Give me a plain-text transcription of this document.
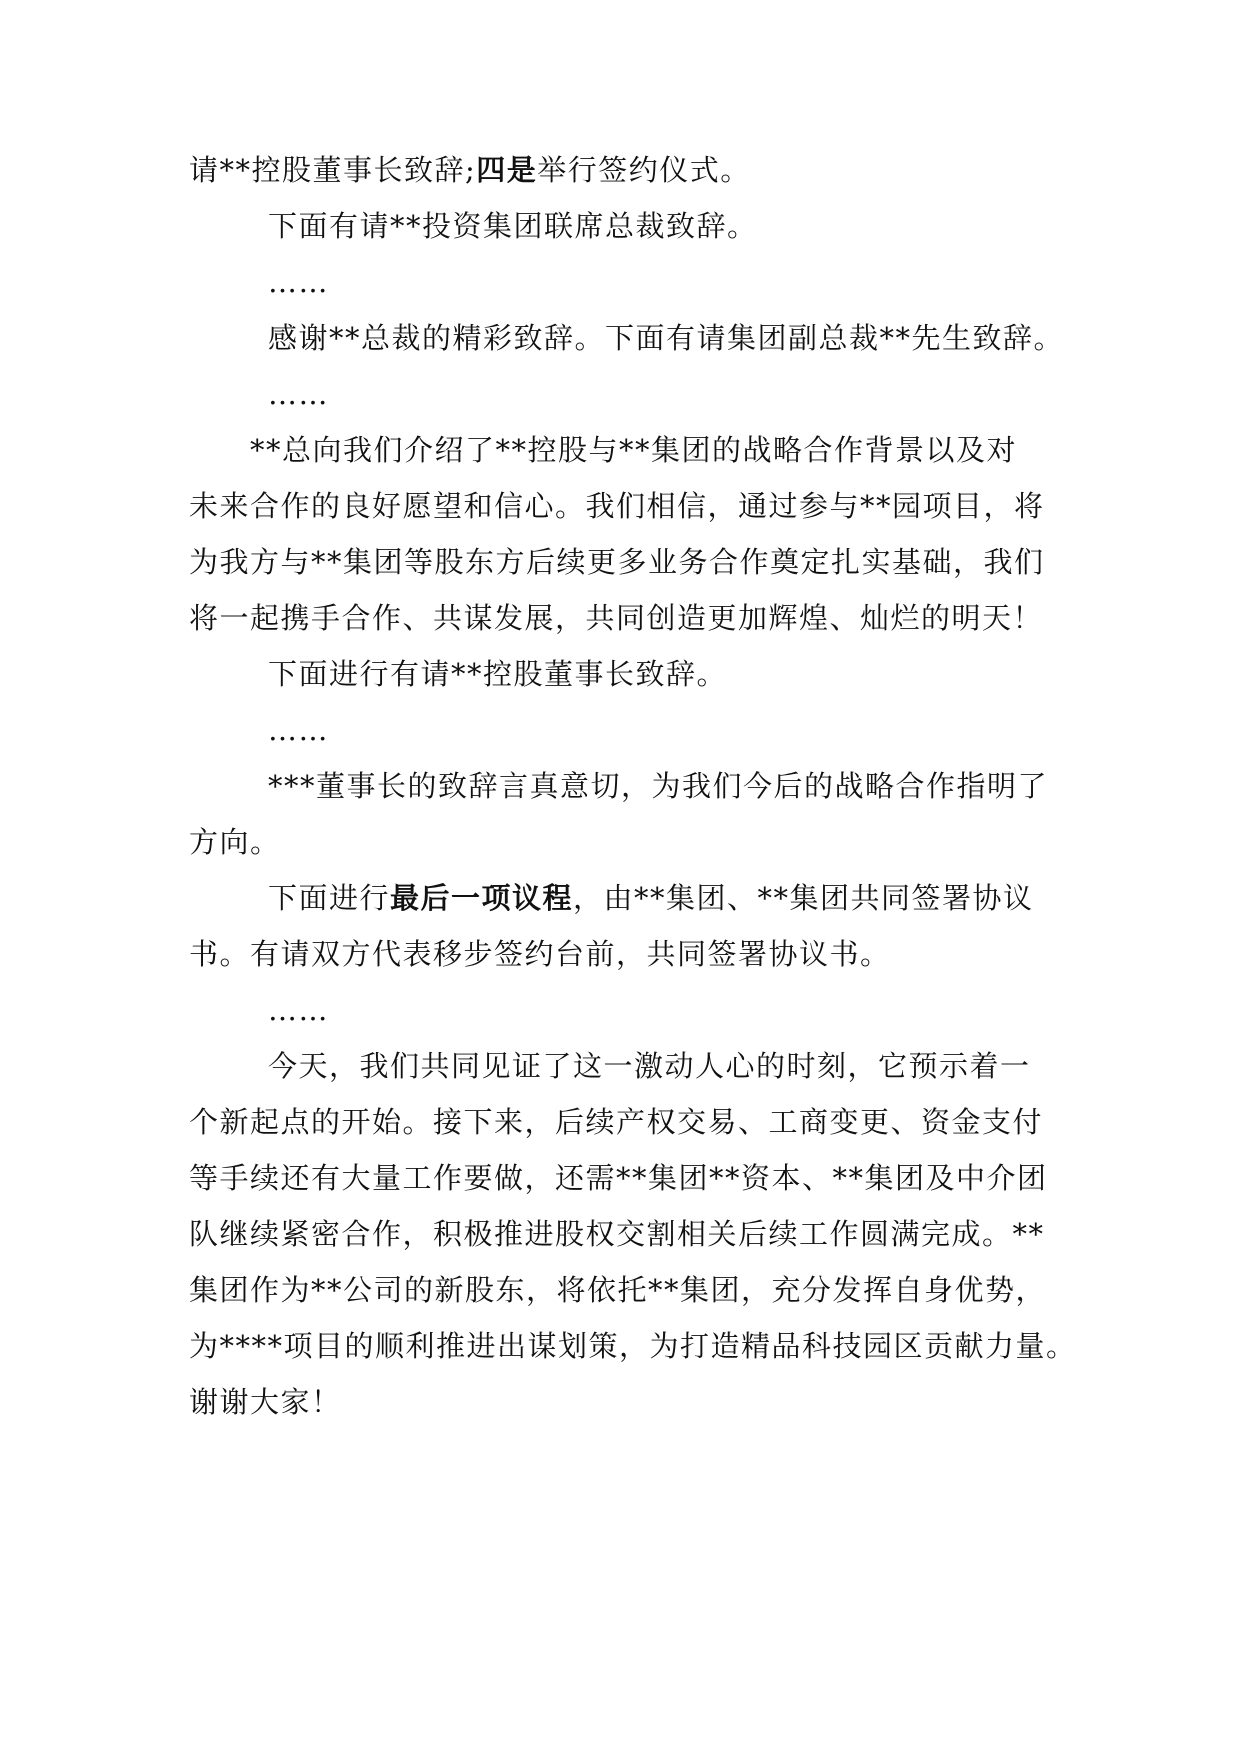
请**控股董事长致辞;四是举行签约仪式。
下面有请**投资集团联席总裁致辞。
……
感谢**总裁的精彩致辞。下面有请集团副总裁**先生致辞。
……
**总向我们介绍了**控股与**集团的战略合作背景以及对
未来合作的良好愿望和信心。我们相信，通过参与**园项目，将
为我方与**集团等股东方后续更多业务合作奠定扎实基础，我们
将一起携手合作、共谋发展，共同创造更加辉煌、灿烂的明天！
下面进行有请**控股董事长致辞。
……
***董事长的致辞言真意切，为我们今后的战略合作指明了
方向。
下面进行最后一项议程，由**集团、**集团共同签署协议
书。有请双方代表移步签约台前，共同签署协议书。
……
今天，我们共同见证了这一激动人心的时刻，它预示着一
个新起点的开始。接下来，后续产权交易、工商变更、资金支付
等手续还有大量工作要做，还需**集团**资本、**集团及中介团
队继续紧密合作，积极推进股权交割相关后续工作圆满完成。**
集团作为**公司的新股东，将依托**集团，充分发挥自身优势，
为****项目的顺利推进出谋划策，为打造精品科技园区贡献力量。
谢谢大家！
